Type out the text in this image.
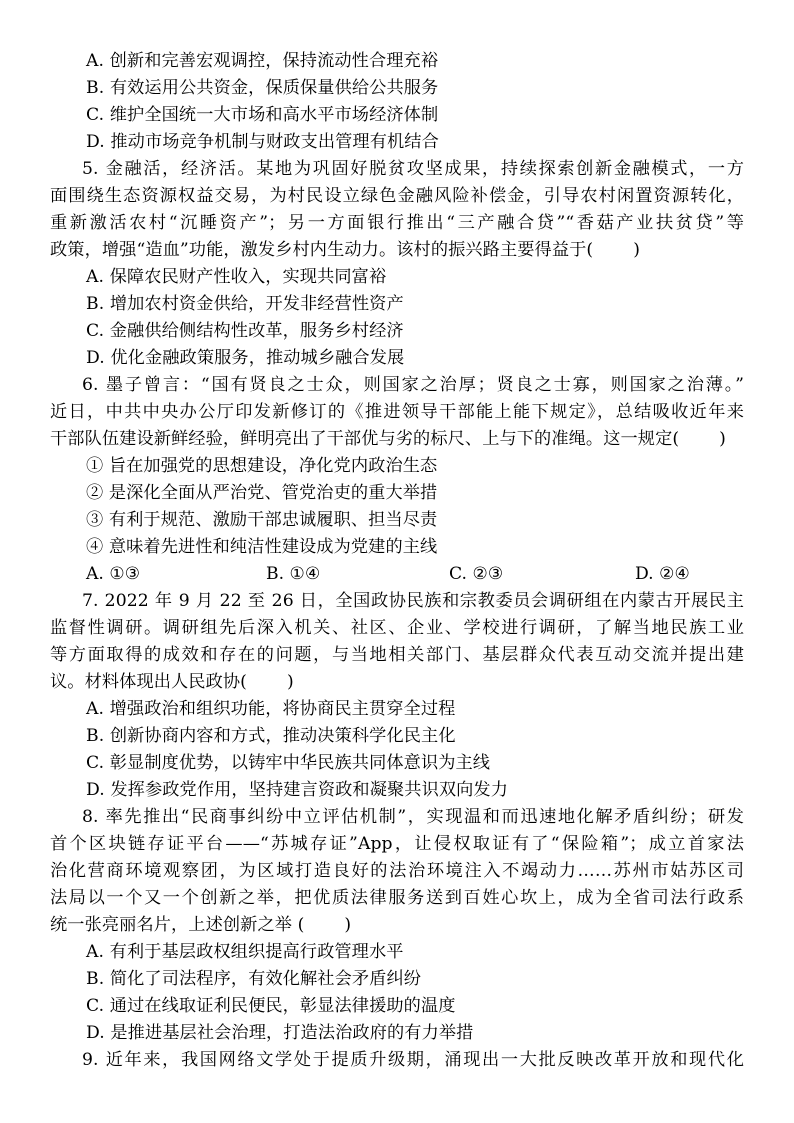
A. 创新和完善宏观调控，保持流动性合理充裕
B. 有效运用公共资金，保质保量供给公共服务
C. 维护全国统一大市场和高水平市场经济体制
D. 推动市场竞争机制与财政支出管理有机结合
5. 金融活，经济活。某地为巩固好脱贫攻坚成果，持续探索创新金融模式，一方
面围绕生态资源权益交易，为村民设立绿色金融风险补偿金，引导农村闲置资源转化，
重新激活农村“沉睡资产”；另一方面银行推出“三产融合贷”“香菇产业扶贫贷”等
政策，增强“造血”功能，激发乡村内生动力。该村的振兴路主要得益于( )
A. 保障农民财产性收入，实现共同富裕
B. 增加农村资金供给，开发非经营性资产
C. 金融供给侧结构性改革，服务乡村经济
D. 优化金融政策服务，推动城乡融合发展
6. 墨子曾言：“国有贤良之士众，则国家之治厚；贤良之士寡，则国家之治薄。”
近日，中共中央办公厅印发新修订的《推进领导干部能上能下规定》，总结吸收近年来
干部队伍建设新鲜经验，鲜明亮出了干部优与劣的标尺、上与下的准绳。这一规定( )
① 旨在加强党的思想建设，净化党内政治生态
② 是深化全面从严治党、管党治吏的重大举措
③ 有利于规范、激励干部忠诚履职、担当尽责
④ 意味着先进性和纯洁性建设成为党建的主线
A. ①③	B. ①④	C. ②③	D. ②④
7. 2022 年 9 月 22 至 26 日，全国政协民族和宗教委员会调研组在内蒙古开展民主
监督性调研。调研组先后深入机关、社区、企业、学校进行调研，了解当地民族工业
等方面取得的成效和存在的问题，与当地相关部门、基层群众代表互动交流并提出建
议。材料体现出人民政协( )
A. 增强政治和组织功能，将协商民主贯穿全过程
B. 创新协商内容和方式，推动决策科学化民主化
C. 彰显制度优势，以铸牢中华民族共同体意识为主线
D. 发挥参政党作用，坚持建言资政和凝聚共识双向发力
8. 率先推出“民商事纠纷中立评估机制”，实现温和而迅速地化解矛盾纠纷；研发
首个区块链存证平台——“苏城存证”App，让侵权取证有了“保险箱”；成立首家法
治化营商环境观察团，为区域打造良好的法治环境注入不竭动力……苏州市姑苏区司
法局以一个又一个创新之举，把优质法律服务送到百姓心坎上，成为全省司法行政系
统一张亮丽名片，上述创新之举 ( )
A. 有利于基层政权组织提高行政管理水平
B. 简化了司法程序，有效化解社会矛盾纠纷
C. 通过在线取证利民便民，彰显法律援助的温度
D. 是推进基层社会治理，打造法治政府的有力举措
9. 近年来，我国网络文学处于提质升级期，涌现出一大批反映改革开放和现代化
